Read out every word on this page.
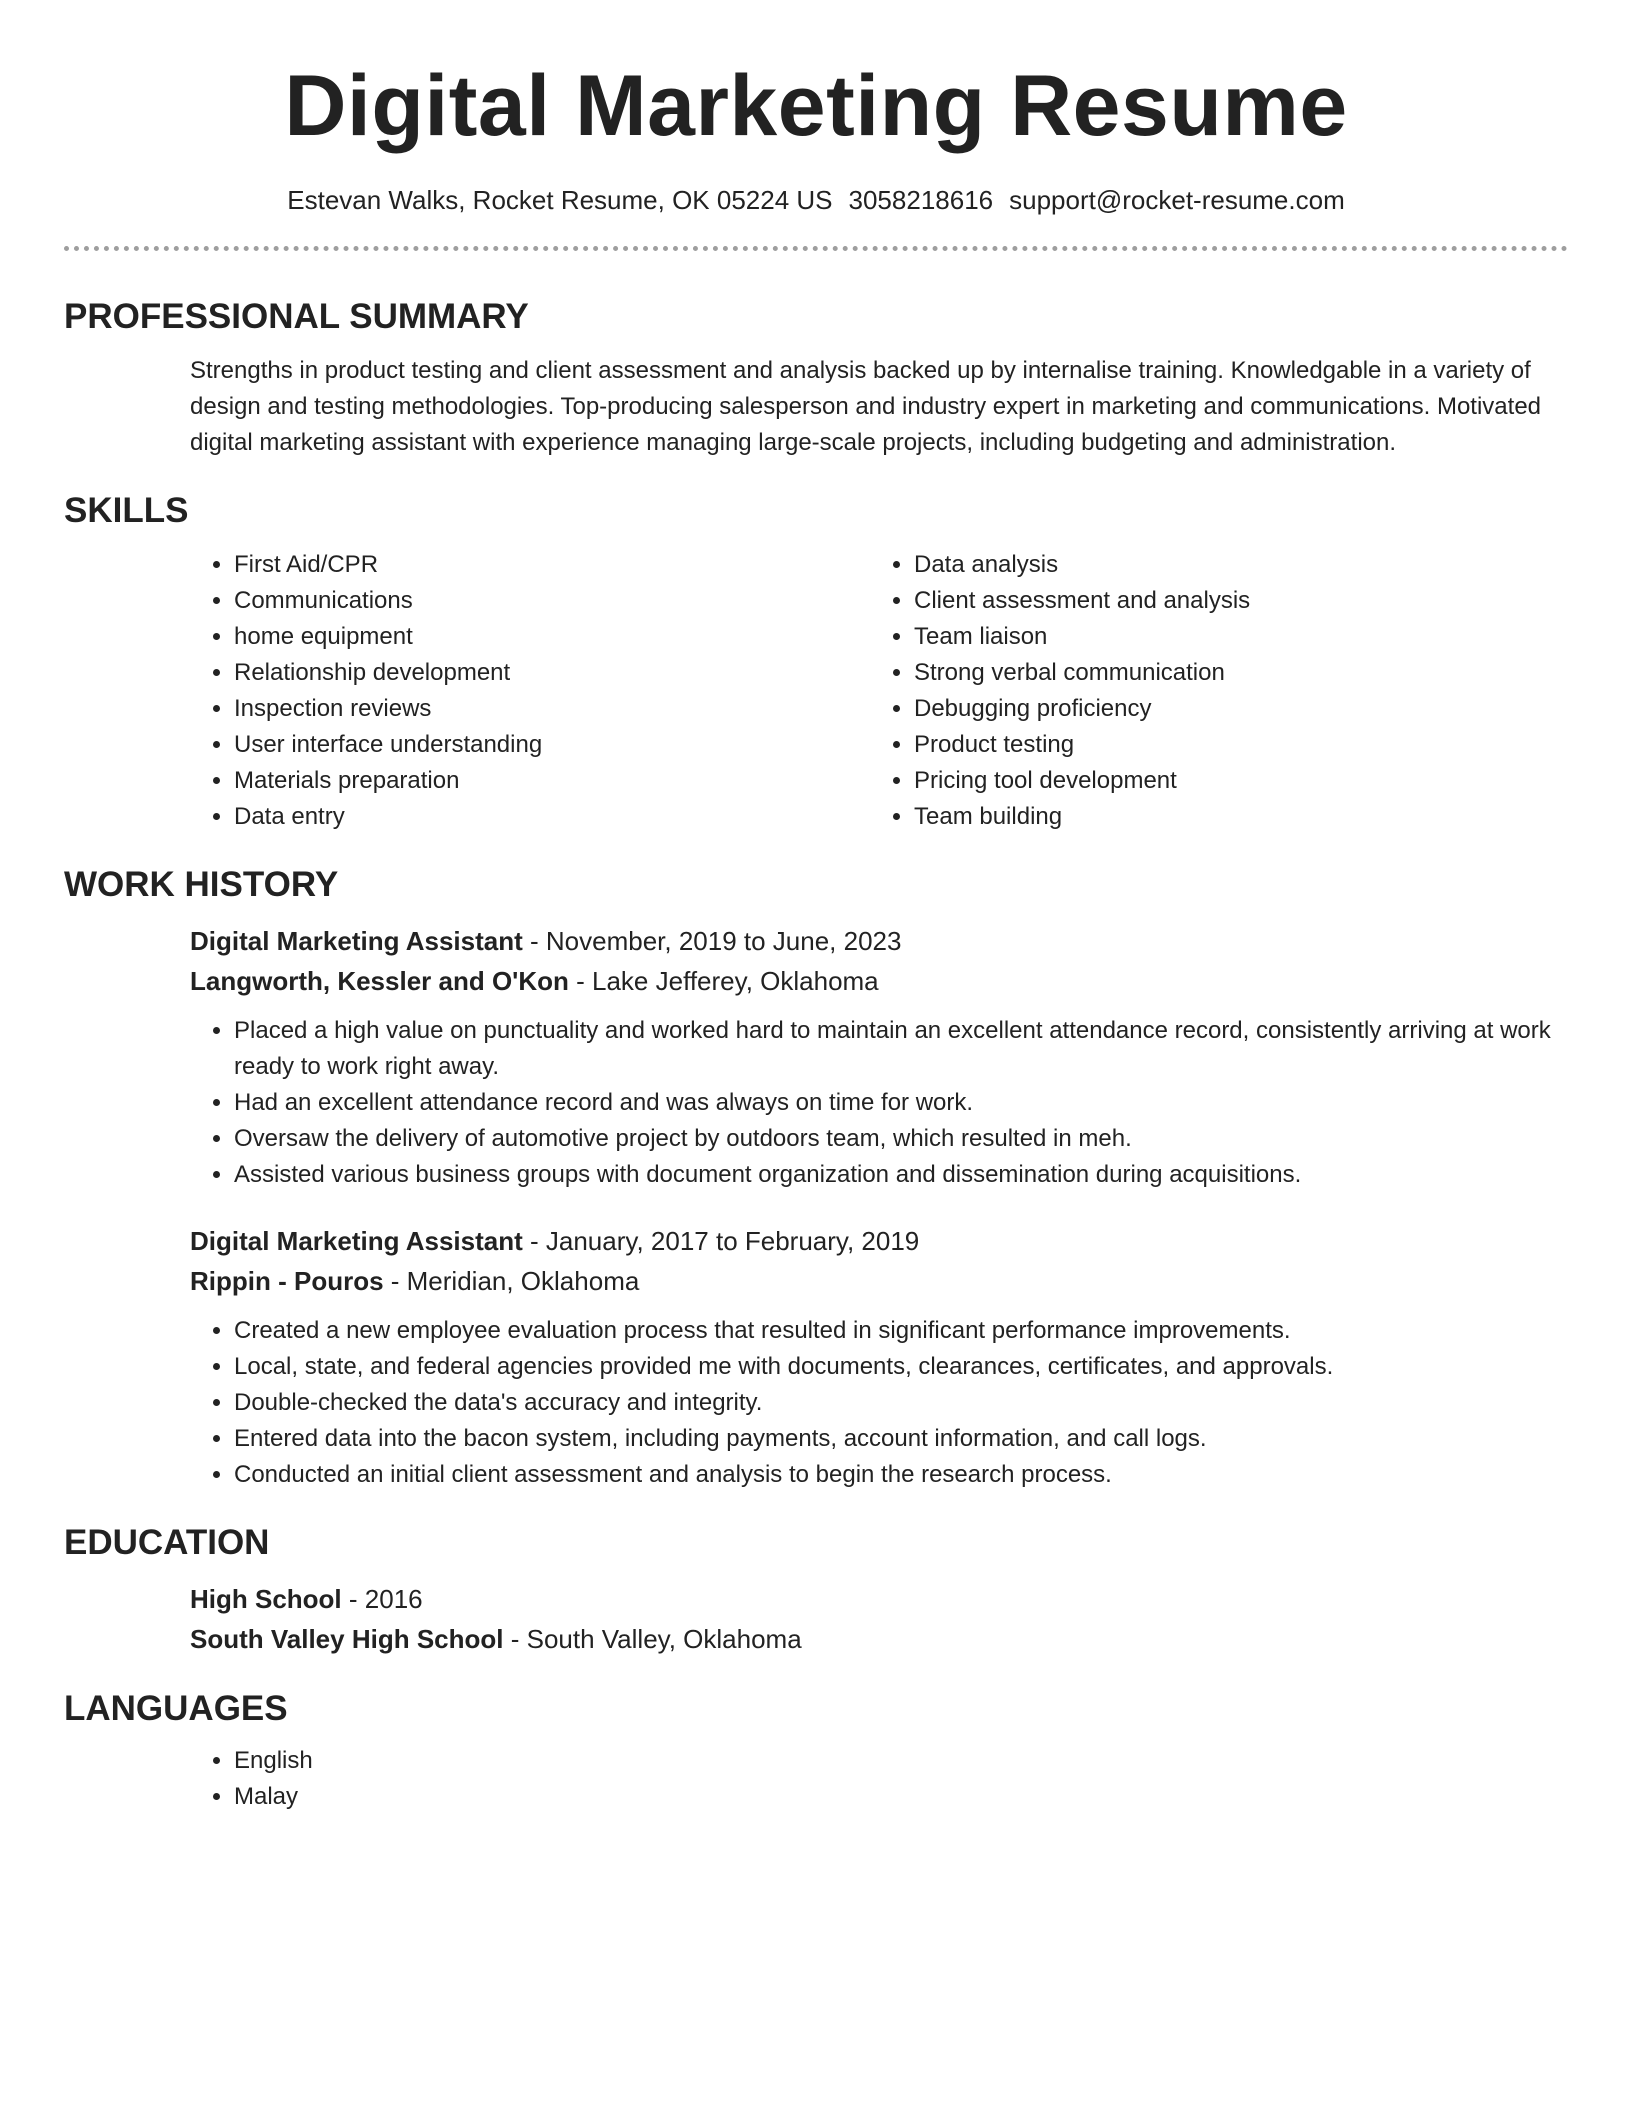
Digital Marketing Resume
Estevan Walks, Rocket Resume, OK 05224 US 3058218616 support@rocket-resume.com
PROFESSIONAL SUMMARY
Strengths in product testing and client assessment and analysis backed up by internalise training. Knowledgable in a variety of design and testing methodologies. Top-producing salesperson and industry expert in marketing and communications. Motivated digital marketing assistant with experience managing large-scale projects, including budgeting and administration.
SKILLS
• First Aid/CPR
• Communications
• home equipment
• Relationship development
• Inspection reviews
• User interface understanding
• Materials preparation
• Data entry
• Data analysis
• Client assessment and analysis
• Team liaison
• Strong verbal communication
• Debugging proficiency
• Product testing
• Pricing tool development
• Team building
WORK HISTORY
Digital Marketing Assistant - November, 2019 to June, 2023
Langworth, Kessler and O'Kon - Lake Jefferey, Oklahoma
• Placed a high value on punctuality and worked hard to maintain an excellent attendance record, consistently arriving at work ready to work right away.
• Had an excellent attendance record and was always on time for work.
• Oversaw the delivery of automotive project by outdoors team, which resulted in meh.
• Assisted various business groups with document organization and dissemination during acquisitions.
Digital Marketing Assistant - January, 2017 to February, 2019
Rippin - Pouros - Meridian, Oklahoma
• Created a new employee evaluation process that resulted in significant performance improvements.
• Local, state, and federal agencies provided me with documents, clearances, certificates, and approvals.
• Double-checked the data's accuracy and integrity.
• Entered data into the bacon system, including payments, account information, and call logs.
• Conducted an initial client assessment and analysis to begin the research process.
EDUCATION
High School - 2016
South Valley High School - South Valley, Oklahoma
LANGUAGES
• English
• Malay
